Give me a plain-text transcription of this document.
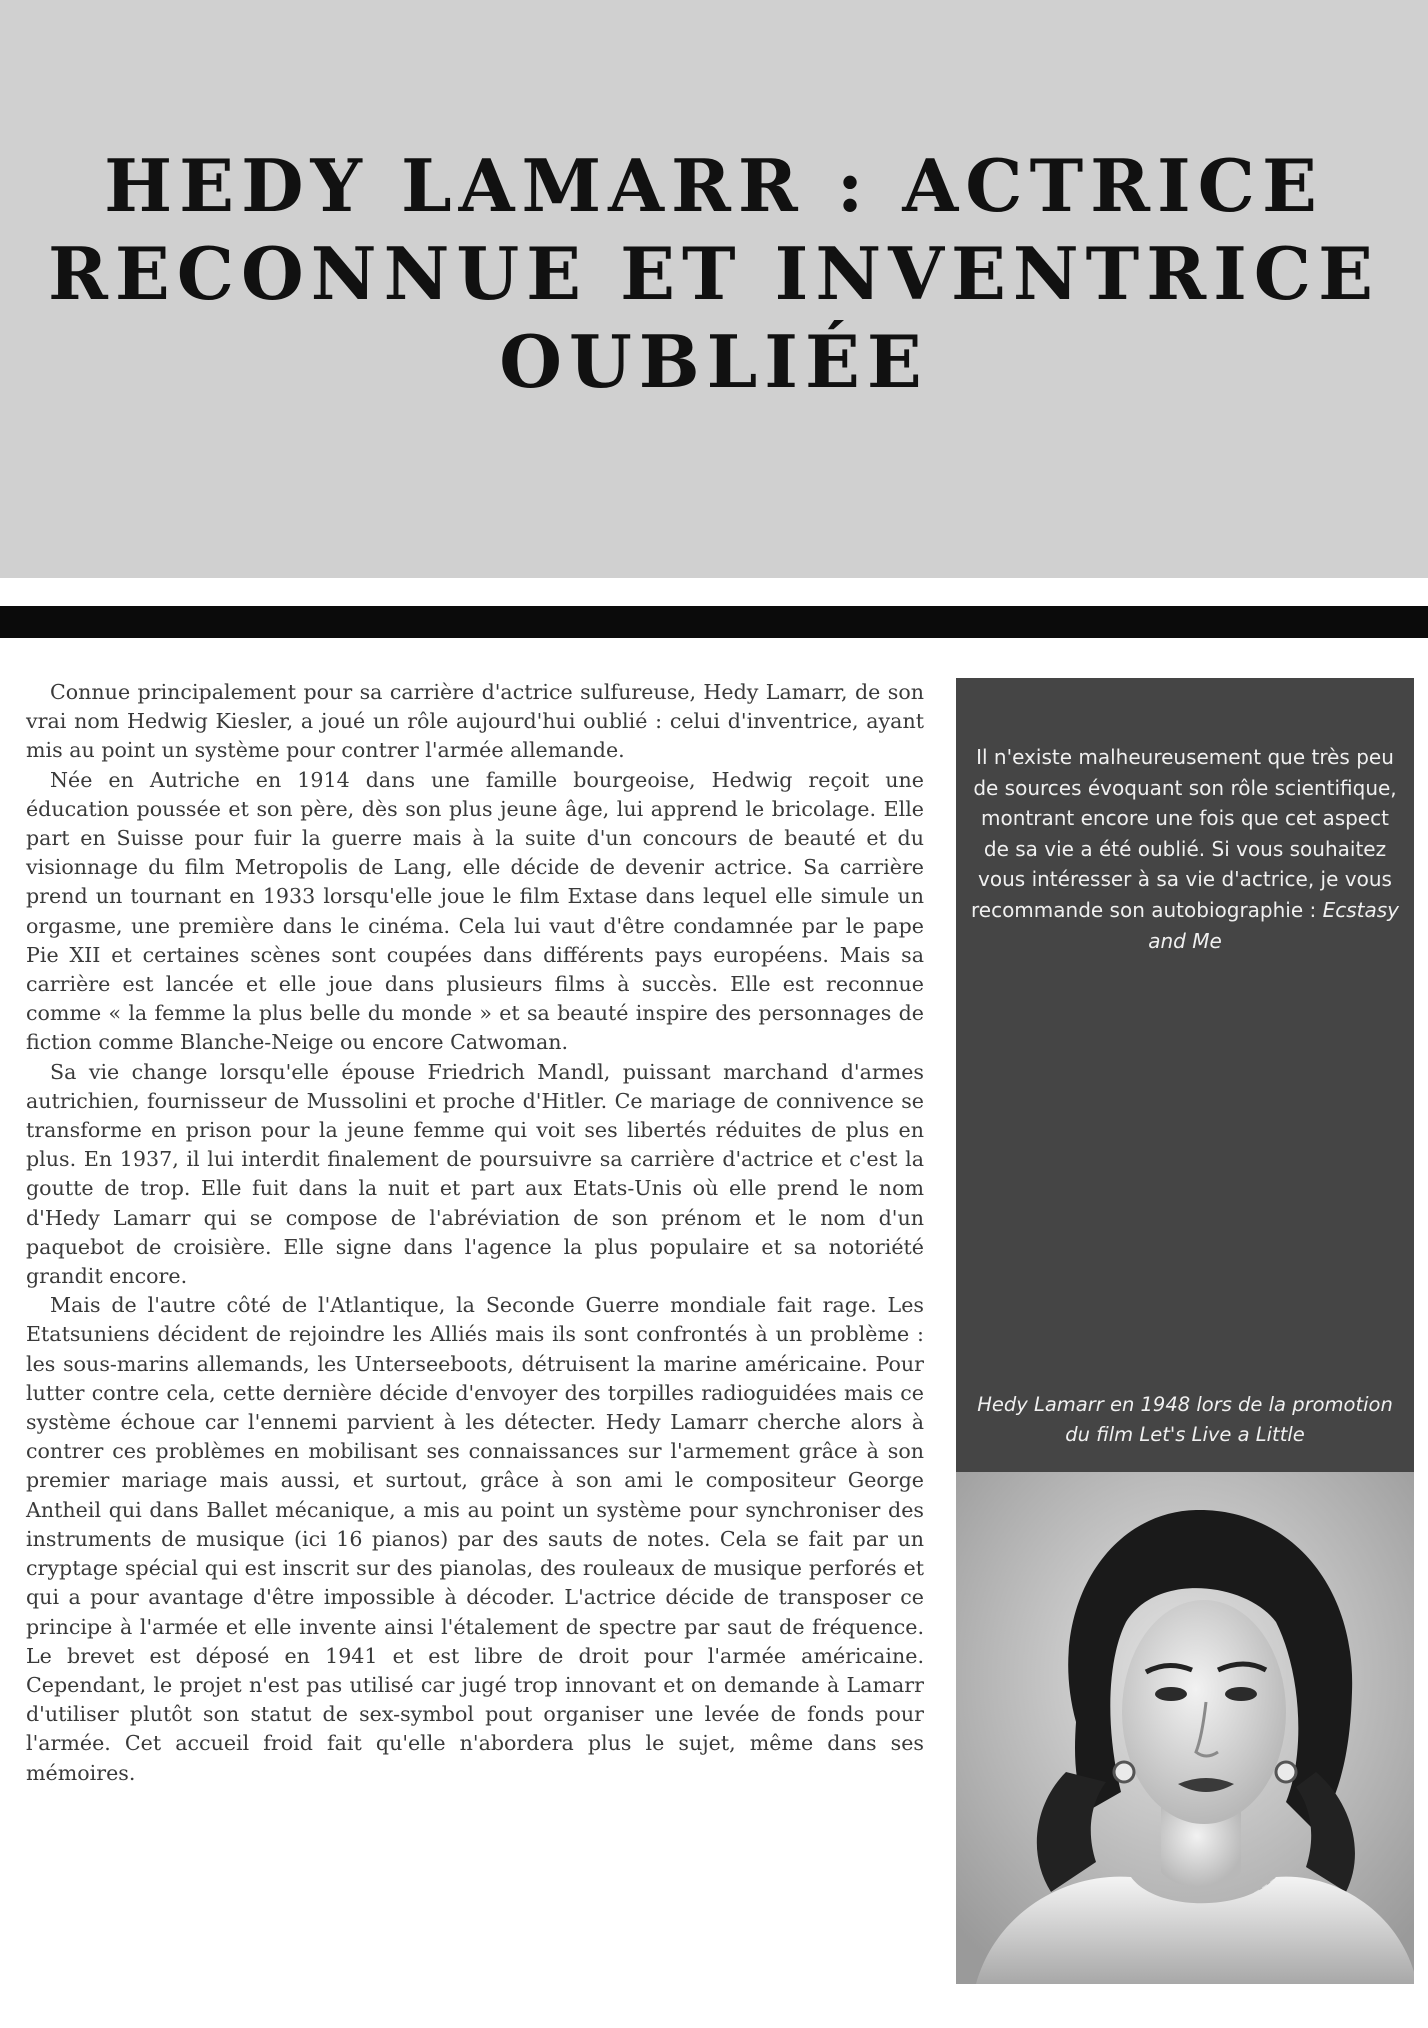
HEDY LAMARR : ACTRICE RECONNUE ET INVENTRICE OUBLIÉE

Connue principalement pour sa carrière d'actrice sulfureuse, Hedy Lamarr, de son vrai nom Hedwig Kiesler, a joué un rôle aujourd'hui oublié : celui d'inventrice, ayant mis au point un système pour contrer l'armée allemande.

Née en Autriche en 1914 dans une famille bourgeoise, Hedwig reçoit une éducation poussée et son père, dès son plus jeune âge, lui apprend le bricolage. Elle part en Suisse pour fuir la guerre mais à la suite d'un concours de beauté et du visionnage du film Metropolis de Lang, elle décide de devenir actrice. Sa carrière prend un tournant en 1933 lorsqu'elle joue le film Extase dans lequel elle simule un orgasme, une première dans le cinéma. Cela lui vaut d'être condamnée par le pape Pie XII et certaines scènes sont coupées dans différents pays européens. Mais sa carrière est lancée et elle joue dans plusieurs films à succès. Elle est reconnue comme « la femme la plus belle du monde » et sa beauté inspire des personnages de fiction comme Blanche-Neige ou encore Catwoman.

Sa vie change lorsqu'elle épouse Friedrich Mandl, puissant marchand d'armes autrichien, fournisseur de Mussolini et proche d'Hitler. Ce mariage de connivence se transforme en prison pour la jeune femme qui voit ses libertés réduites de plus en plus. En 1937, il lui interdit finalement de poursuivre sa carrière d'actrice et c'est la goutte de trop. Elle fuit dans la nuit et part aux Etats-Unis où elle prend le nom d'Hedy Lamarr qui se compose de l'abréviation de son prénom et le nom d'un paquebot de croisière. Elle signe dans l'agence la plus populaire et sa notoriété grandit encore.

Mais de l'autre côté de l'Atlantique, la Seconde Guerre mondiale fait rage. Les Etatsuniens décident de rejoindre les Alliés mais ils sont confrontés à un problème : les sous-marins allemands, les Unterseeboots, détruisent la marine américaine. Pour lutter contre cela, cette dernière décide d'envoyer des torpilles radioguidées mais ce système échoue car l'ennemi parvient à les détecter. Hedy Lamarr cherche alors à contrer ces problèmes en mobilisant ses connaissances sur l'armement grâce à son premier mariage mais aussi, et surtout, grâce à son ami le compositeur George Antheil qui dans Ballet mécanique, a mis au point un système pour synchroniser des instruments de musique (ici 16 pianos) par des sauts de notes. Cela se fait par un cryptage spécial qui est inscrit sur des pianolas, des rouleaux de musique perforés et qui a pour avantage d'être impossible à décoder. L'actrice décide de transposer ce principe à l'armée et elle invente ainsi l'étalement de spectre par saut de fréquence. Le brevet est déposé en 1941 et est libre de droit pour l'armée américaine. Cependant, le projet n'est pas utilisé car jugé trop innovant et on demande à Lamarr d'utiliser plutôt son statut de sex-symbol pout organiser une levée de fonds pour l'armée. Cet accueil froid fait qu'elle n'abordera plus le sujet, même dans ses mémoires.

Il n'existe malheureusement que très peu de sources évoquant son rôle scientifique, montrant encore une fois que cet aspect de sa vie a été oublié. Si vous souhaitez vous intéresser à sa vie d'actrice, je vous recommande son autobiographie : Ecstasy and Me

Hedy Lamarr en 1948 lors de la promotion du film Let's Live a Little
